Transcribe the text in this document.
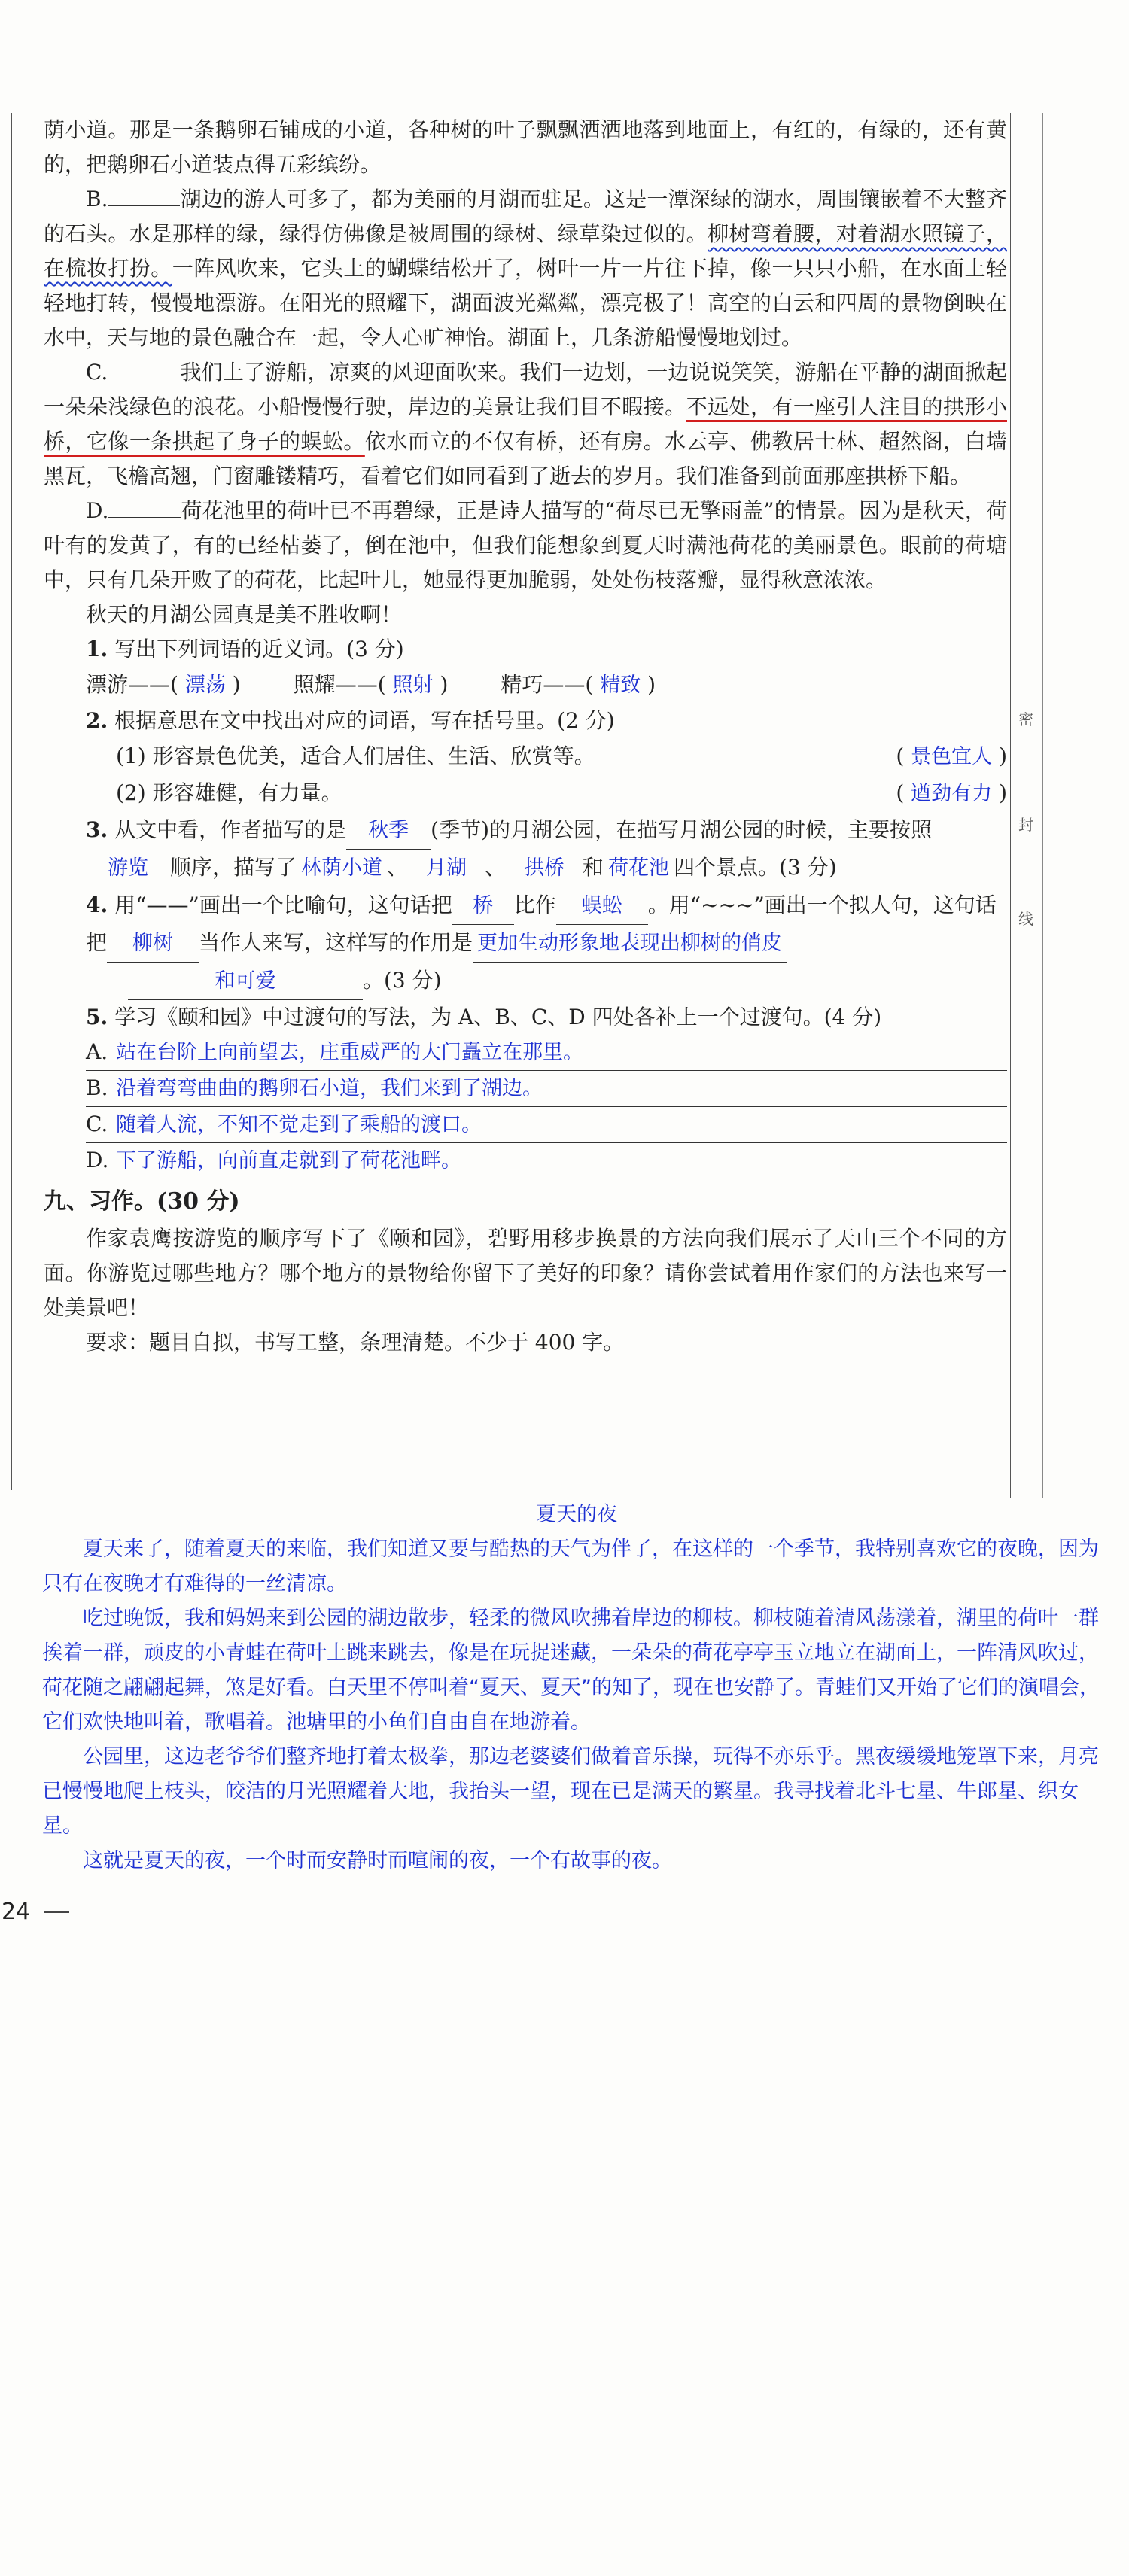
密
封
线

荫小道。那是一条鹅卵石铺成的小道，各种树的叶子飘飘洒洒地落到地面上，有红的，有绿的，还有黄的，把鹅卵石小道装点得五彩缤纷。

B.	湖边的游人可多了，都为美丽的月湖而驻足。这是一潭深绿的湖水，周围镶嵌着不大整齐的石头。水是那样的绿，绿得仿佛像是被周围的绿树、绿草染过似的。柳树弯着腰，对着湖水照镜子，在梳妆打扮。一阵风吹来，它头上的蝴蝶结松开了，树叶一片一片往下掉，像一只只小船，在水面上轻轻地打转，慢慢地漂游。在阳光的照耀下，湖面波光粼粼，漂亮极了！高空的白云和四周的景物倒映在水中，天与地的景色融合在一起，令人心旷神怡。湖面上，几条游船慢慢地划过。

C.	我们上了游船，凉爽的风迎面吹来。我们一边划，一边说说笑笑，游船在平静的湖面掀起一朵朵浅绿色的浪花。小船慢慢行驶，岸边的美景让我们目不暇接。不远处，有一座引人注目的拱形小桥，它像一条拱起了身子的蜈蚣。依水而立的不仅有桥，还有房。水云亭、佛教居士林、超然阁，白墙黑瓦，飞檐高翘，门窗雕镂精巧，看着它们如同看到了逝去的岁月。我们准备到前面那座拱桥下船。

D.	荷花池里的荷叶已不再碧绿，正是诗人描写的“荷尽已无擎雨盖”的情景。因为是秋天，荷叶有的发黄了，有的已经枯萎了，倒在池中，但我们能想象到夏天时满池荷花的美丽景色。眼前的荷塘中，只有几朵开败了的荷花，比起叶儿，她显得更加脆弱，处处伤枝落瓣，显得秋意浓浓。

秋天的月湖公园真是美不胜收啊！

1. 写出下列词语的近义词。(3 分)
漂游——( 漂荡 )	照耀——( 照射 )	精巧——( 精致 )
2. 根据意思在文中找出对应的词语，写在括号里。(2 分)
(1) 形容景色优美，适合人们居住、生活、欣赏等。	( 景色宜人 )
(2) 形容雄健，有力量。	( 遒劲有力 )
3. 从文中看，作者描写的是 秋季 (季节)的月湖公园，在描写月湖公园的时候，主要按照游览 顺序，描写了 林荫小道 、 月湖 、 拱桥 和 荷花池 四个景点。(3 分)
4. 用“——”画出一个比喻句，这句话把 桥 比作 蜈蚣 。用“~~~”画出一个拟人句，这句话把 柳树 当作人来写，这样写的作用是 更加生动形象地表现出柳树的俏皮
和可爱	。(3 分)
5. 学习《颐和园》中过渡句的写法，为 A、B、C、D 四处各补上一个过渡句。(4 分)
A. 站在台阶上向前望去，庄重威严的大门矗立在那里。
B. 沿着弯弯曲曲的鹅卵石小道，我们来到了湖边。
C. 随着人流，不知不觉走到了乘船的渡口。
D. 下了游船，向前直走就到了荷花池畔。
九、习作。(30 分)

作家袁鹰按游览的顺序写下了《颐和园》，碧野用移步换景的方法向我们展示了天山三个不同的方面。你游览过哪些地方？哪个地方的景物给你留下了美好的印象？请你尝试着用作家们的方法也来写一处美景吧！

要求：题目自拟，书写工整，条理清楚。不少于 400 字。

夏天的夜

夏天来了，随着夏天的来临，我们知道又要与酷热的天气为伴了，在这样的一个季节，我特别喜欢它的夜晚，因为只有在夜晚才有难得的一丝清凉。

吃过晚饭，我和妈妈来到公园的湖边散步，轻柔的微风吹拂着岸边的柳枝。柳枝随着清风荡漾着，湖里的荷叶一群挨着一群，顽皮的小青蛙在荷叶上跳来跳去，像是在玩捉迷藏，一朵朵的荷花亭亭玉立地立在湖面上，一阵清风吹过，荷花随之翩翩起舞，煞是好看。白天里不停叫着“夏天、夏天”的知了，现在也安静了。青蛙们又开始了它们的演唱会，它们欢快地叫着，歌唱着。池塘里的小鱼们自由自在地游着。

公园里，这边老爷爷们整齐地打着太极拳，那边老婆婆们做着音乐操，玩得不亦乐乎。黑夜缓缓地笼罩下来，月亮已慢慢地爬上枝头，皎洁的月光照耀着大地，我抬头一望，现在已是满天的繁星。我寻找着北斗七星、牛郎星、织女星。

这就是夏天的夜，一个时而安静时而喧闹的夜，一个有故事的夜。

24
